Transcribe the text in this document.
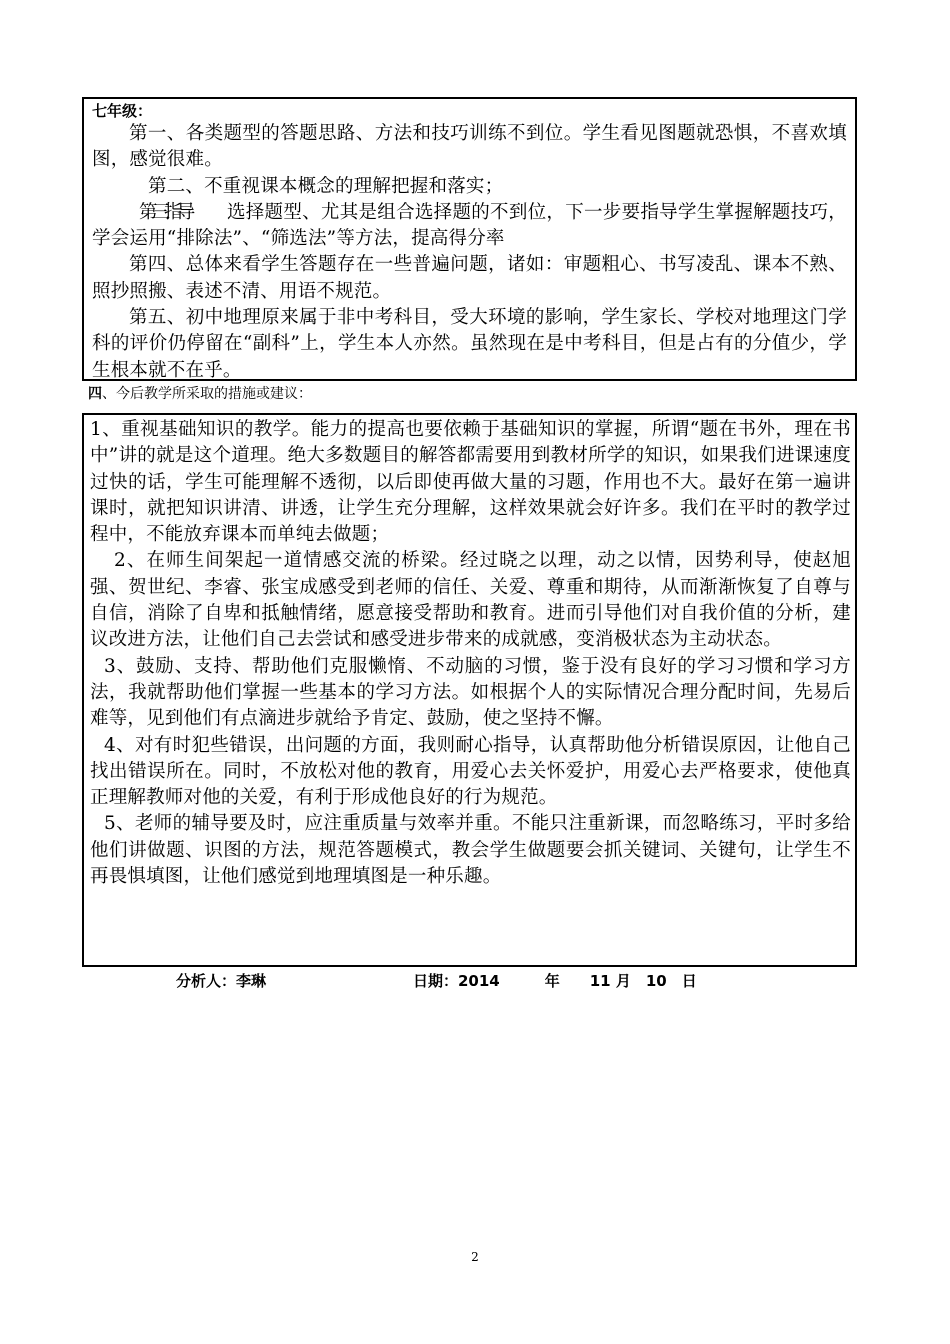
七年级：

第一、各类题型的答题思路、方法和技巧训练不到位。学生看见图题就恐惧，不喜欢填图，感觉很难。

第二、不重视课本概念的理解把握和落实；

第三指导　　选择题型、尤其是组合选择题的不到位，下一步要指导学生掌握解题技巧，学会运用“排除法”、“筛选法”等方法，提高得分率

第四、总体来看学生答题存在一些普遍问题，诸如：审题粗心、书写凌乱、课本不熟、照抄照搬、表述不清、用语不规范。

第五、初中地理原来属于非中考科目，受大环境的影响，学生家长、学校对地理这门学科的评价仍停留在“副科”上，学生本人亦然。虽然现在是中考科目，但是占有的分值少，学生根本就不在乎。

四、今后教学所采取的措施或建议：

1、重视基础知识的教学。能力的提高也要依赖于基础知识的掌握，所谓“题在书外，理在书中”讲的就是这个道理。绝大多数题目的解答都需要用到教材所学的知识，如果我们进课速度过快的话，学生可能理解不透彻，以后即使再做大量的习题，作用也不大。最好在第一遍讲课时，就把知识讲清、讲透，让学生充分理解，这样效果就会好许多。我们在平时的教学过程中，不能放弃课本而单纯去做题；

2、在师生间架起一道情感交流的桥梁。经过晓之以理，动之以情，因势利导，使赵旭强、贺世纪、李睿、张宝成感受到老师的信任、关爱、尊重和期待，从而渐渐恢复了自尊与自信，消除了自卑和抵触情绪，愿意接受帮助和教育。进而引导他们对自我价值的分析，建议改进方法，让他们自己去尝试和感受进步带来的成就感，变消极状态为主动状态。

3、鼓励、支持、帮助他们克服懒惰、不动脑的习惯，鉴于没有良好的学习习惯和学习方法，我就帮助他们掌握一些基本的学习方法。如根据个人的实际情况合理分配时间，先易后难等，见到他们有点滴进步就给予肯定、鼓励，使之坚持不懈。

4、对有时犯些错误，出问题的方面，我则耐心指导，认真帮助他分析错误原因，让他自己找出错误所在。同时，不放松对他的教育，用爱心去关怀爱护，用爱心去严格要求，使他真正理解教师对他的关爱，有利于形成他良好的行为规范。

5、老师的辅导要及时，应注重质量与效率并重。不能只注重新课，而忽略练习，平时多给他们讲做题、识图的方法，规范答题模式，教会学生做题要会抓关键词、关键句，让学生不再畏惧填图，让他们感觉到地理填图是一种乐趣。

分析人：李琳	日期：2014　　　年　　11 月　10　日
2
